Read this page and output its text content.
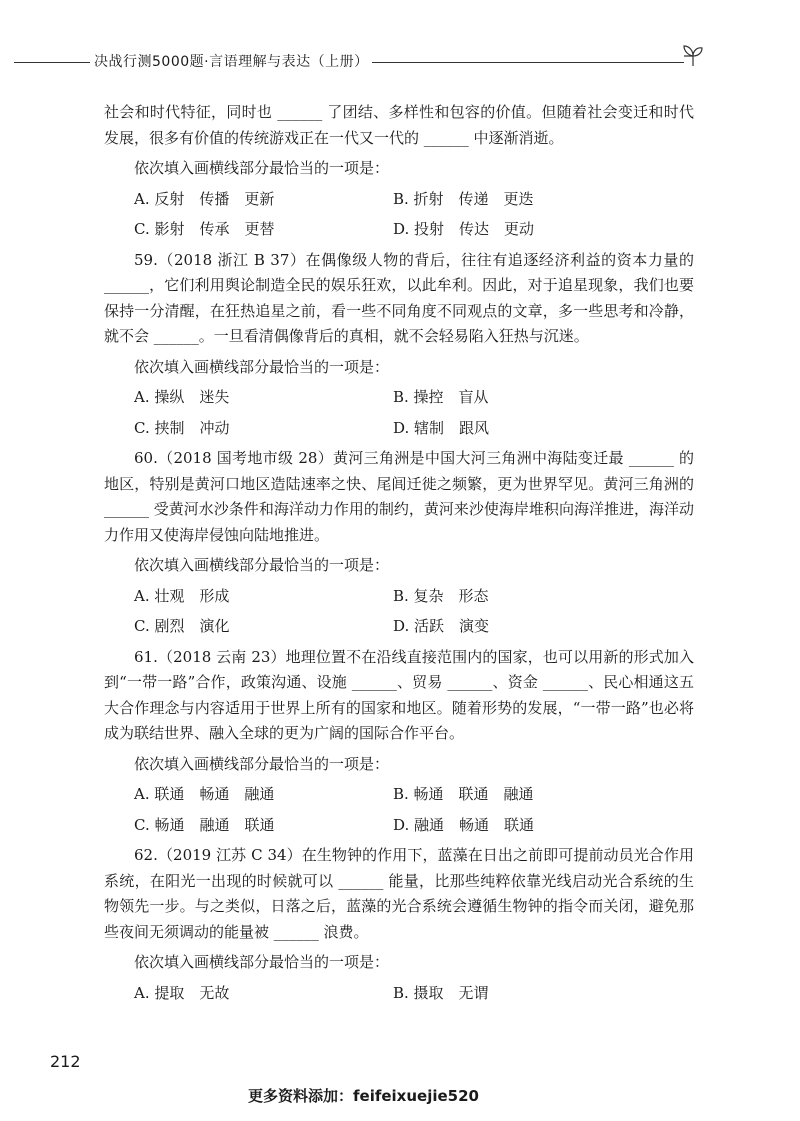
决战行测5000题·言语理解与表达（上册）

社会和时代特征，同时也 ______ 了团结、多样性和包容的价值。但随着社会变迁和时代发展，很多有价值的传统游戏正在一代又一代的 ______ 中逐渐消逝。

依次填入画横线部分最恰当的一项是：

A. 反射　传播　更新	B. 折射　传递　更迭
C. 影射　传承　更替	D. 投射　传达　更动

59.（2018 浙江 B 37）在偶像级人物的背后，往往有追逐经济利益的资本力量的 ______，它们利用舆论制造全民的娱乐狂欢，以此牟利。因此，对于追星现象，我们也要保持一分清醒，在狂热追星之前，看一些不同角度不同观点的文章，多一些思考和冷静，就不会 ______。一旦看清偶像背后的真相，就不会轻易陷入狂热与沉迷。

依次填入画横线部分最恰当的一项是：

A. 操纵　迷失	B. 操控　盲从
C. 挟制　冲动	D. 辖制　跟风

60.（2018 国考地市级 28）黄河三角洲是中国大河三角洲中海陆变迁最 ______ 的地区，特别是黄河口地区造陆速率之快、尾闾迁徙之频繁，更为世界罕见。黄河三角洲的 ______ 受黄河水沙条件和海洋动力作用的制约，黄河来沙使海岸堆积向海洋推进，海洋动力作用又使海岸侵蚀向陆地推进。

依次填入画横线部分最恰当的一项是：

A. 壮观　形成	B. 复杂　形态
C. 剧烈　演化	D. 活跃　演变

61.（2018 云南 23）地理位置不在沿线直接范围内的国家，也可以用新的形式加入到“一带一路”合作，政策沟通、设施 ______、贸易 ______、资金 ______、民心相通这五大合作理念与内容适用于世界上所有的国家和地区。随着形势的发展，“一带一路”也必将成为联结世界、融入全球的更为广阔的国际合作平台。

依次填入画横线部分最恰当的一项是：

A. 联通　畅通　融通	B. 畅通　联通　融通
C. 畅通　融通　联通	D. 融通　畅通　联通

62.（2019 江苏 C 34）在生物钟的作用下，蓝藻在日出之前即可提前动员光合作用系统，在阳光一出现的时候就可以 ______ 能量，比那些纯粹依靠光线启动光合系统的生物领先一步。与之类似，日落之后，蓝藻的光合系统会遵循生物钟的指令而关闭，避免那些夜间无须调动的能量被 ______ 浪费。

依次填入画横线部分最恰当的一项是：

A. 提取　无故	B. 摄取　无谓
212
更多资料添加：feifeixuejie520
